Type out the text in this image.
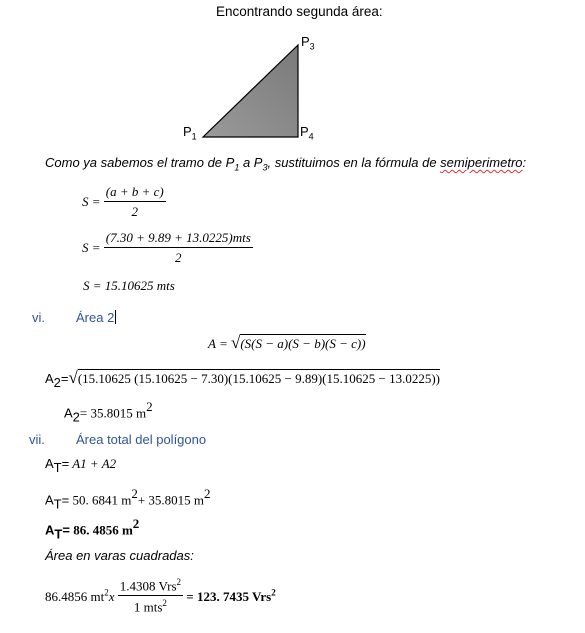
Encontrando segunda área:
$P_3$
$P_1$	$P_4$
Como ya sabemos el tramo de $P_1$ a $P_3$, sustituimos en la fórmula de semiperimetro:
$S = \frac{(a + b + c)}{2}$
$S = \frac{\text{(7.30 + 9.89 + 13.0225)mts}}{2}$
S = 15.10625 mts
vi. Área 2
A = √(S(S − a)(S − b)(S − c))
$A_2=√(15.10625$ (15.10625 − 7.30)(15.10625 − 9.89)(15.10625 − 13.0225))
$A_2= 35.8015$ $m^2$
vii. Área total del polígono
$A_T= A1 + A2$
$A_T= 50$. 6841 $m^2+ 35.8015$ $m^2$
$A_T= 86$. 4856 $m^2$
Área en varas cuadradas:
86.4856 $mt^2x \frac{1.4308 Vrs^2}{1 mts^2} = 123$. 7435 Vrs$^2$
